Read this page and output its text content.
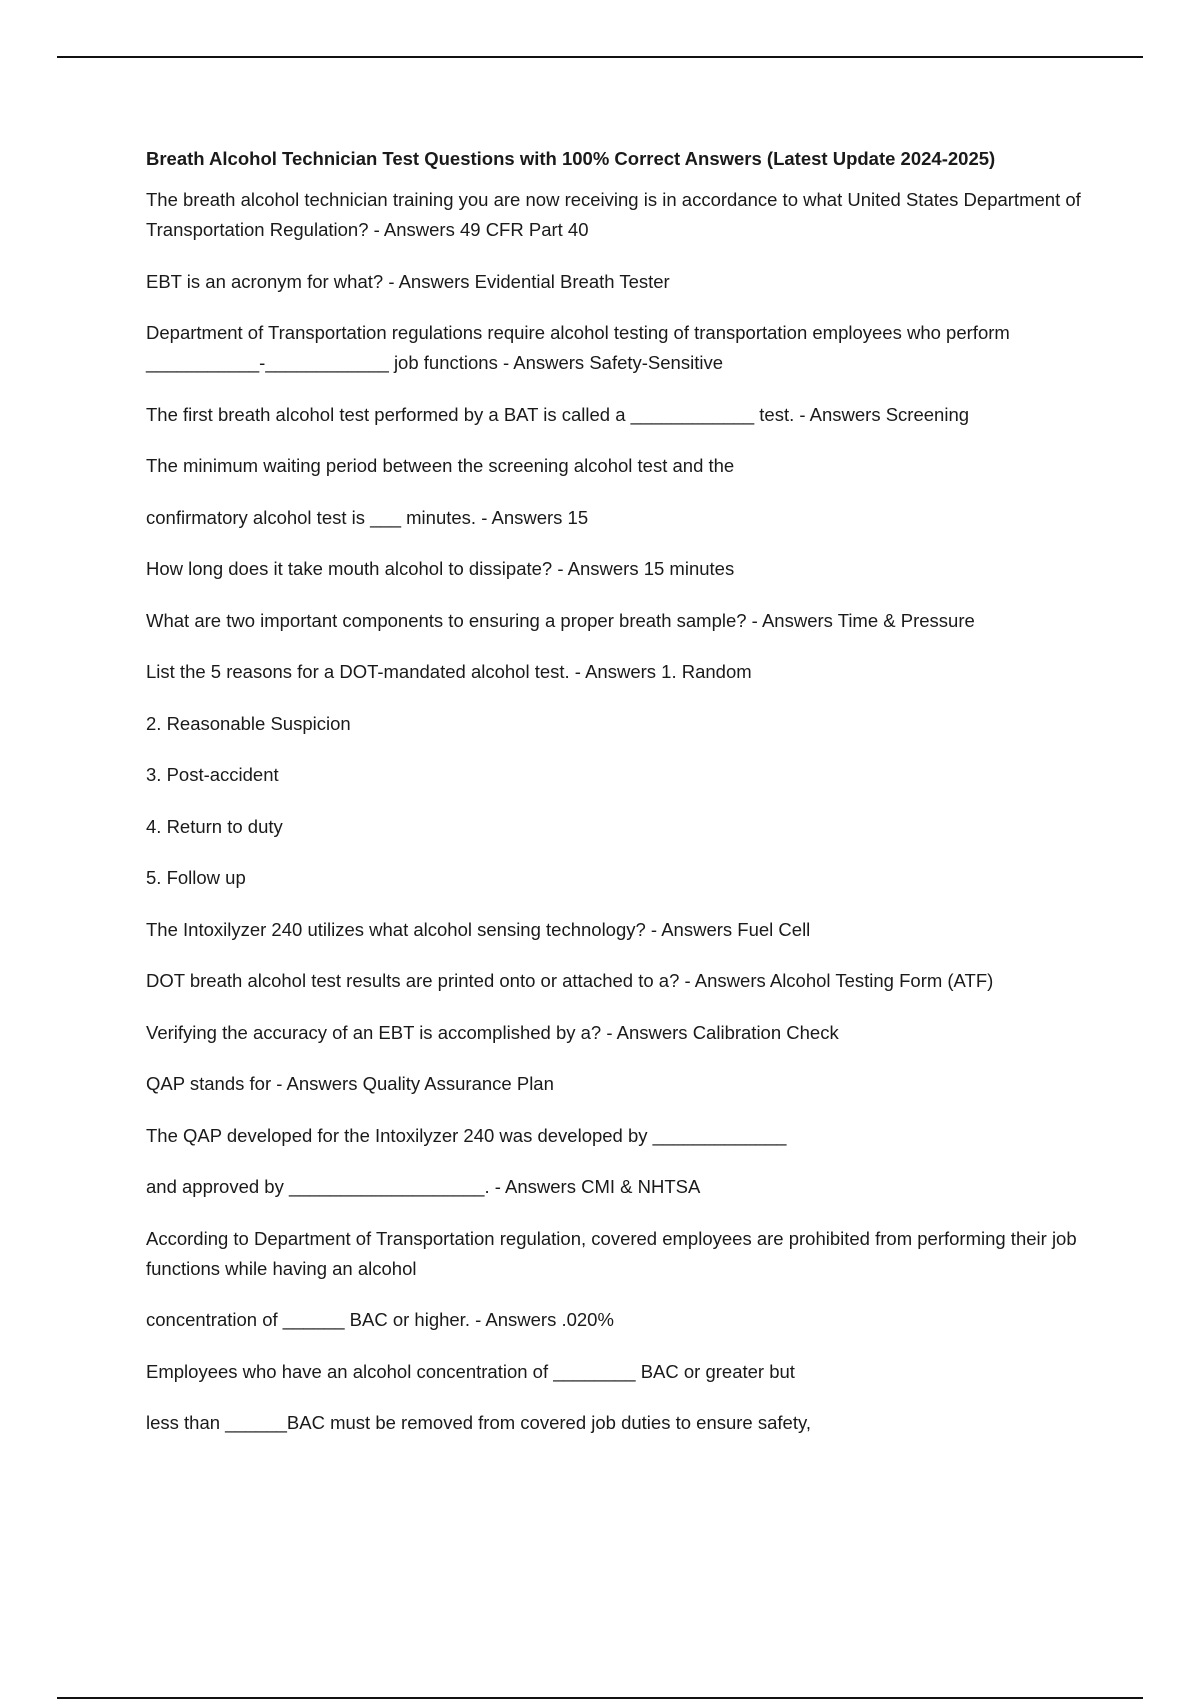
Breath Alcohol Technician Test Questions with 100% Correct Answers (Latest Update 2024-2025)
The breath alcohol technician training you are now receiving is in accordance to what United States Department of Transportation Regulation? - Answers 49 CFR Part 40
EBT is an acronym for what? - Answers Evidential Breath Tester
Department of Transportation regulations require alcohol testing of transportation employees who perform ___________-____________ job functions - Answers Safety-Sensitive
The first breath alcohol test performed by a BAT is called a ____________ test. - Answers Screening
The minimum waiting period between the screening alcohol test and the
confirmatory alcohol test is ___ minutes. - Answers 15
How long does it take mouth alcohol to dissipate? - Answers 15 minutes
What are two important components to ensuring a proper breath sample? - Answers Time & Pressure
List the 5 reasons for a DOT-mandated alcohol test. - Answers 1. Random
2. Reasonable Suspicion
3. Post-accident
4. Return to duty
5. Follow up
The Intoxilyzer 240 utilizes what alcohol sensing technology? - Answers Fuel Cell
DOT breath alcohol test results are printed onto or attached to a? - Answers Alcohol Testing Form (ATF)
Verifying the accuracy of an EBT is accomplished by a? - Answers Calibration Check
QAP stands for - Answers Quality Assurance Plan
The QAP developed for the Intoxilyzer 240 was developed by _____________
and approved by ___________________. - Answers CMI & NHTSA
According to Department of Transportation regulation, covered employees are prohibited from performing their job functions while having an alcohol
concentration of ______ BAC or higher. - Answers .020%
Employees who have an alcohol concentration of ________ BAC or greater but
less than ______BAC must be removed from covered job duties to ensure safety,
